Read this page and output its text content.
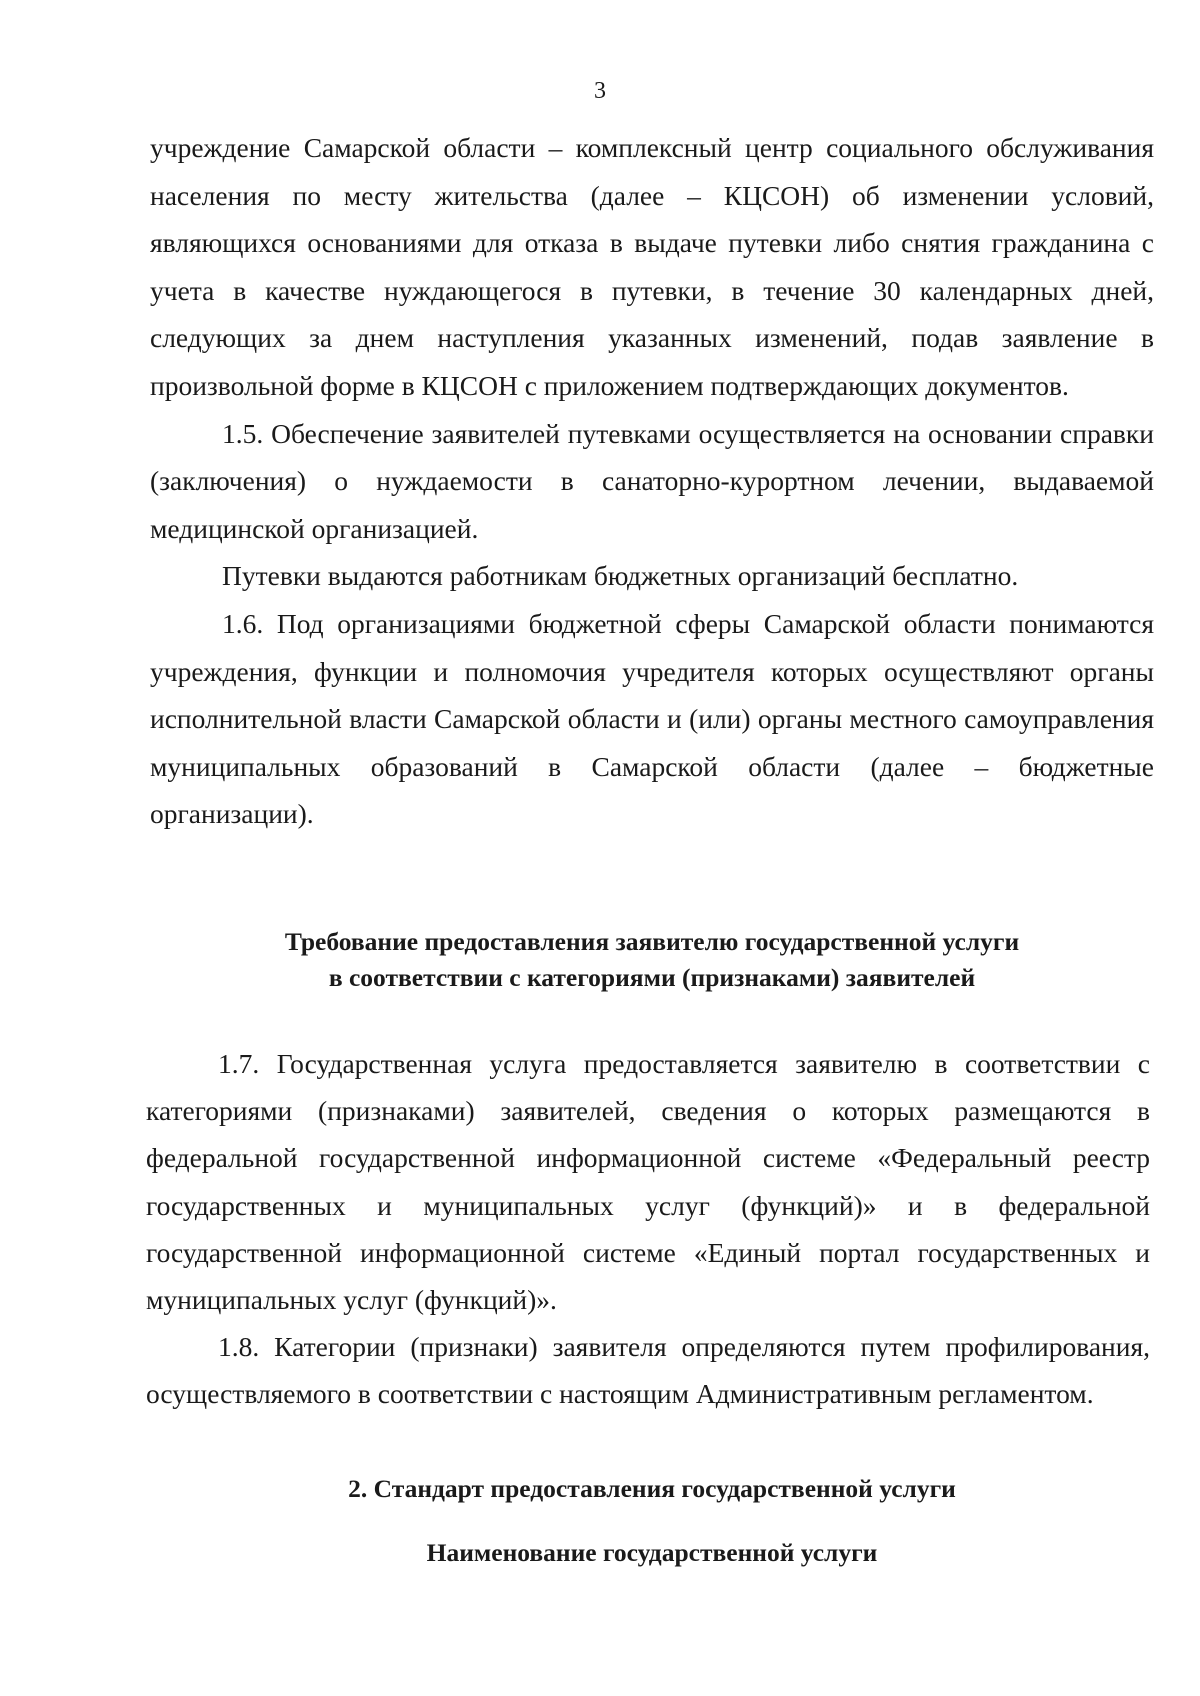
3

учреждение Самарской области – комплексный центр социального обслуживания населения по месту жительства (далее – КЦСОН) об изменении условий, являющихся основаниями для отказа в выдаче путевки либо снятия гражданина с учета в качестве нуждающегося в путевки, в течение 30 календарных дней, следующих за днем наступления указанных изменений, подав заявление в произвольной форме в КЦСОН с приложением подтверждающих документов.

1.5. Обеспечение заявителей путевками осуществляется на основании справки (заключения) о нуждаемости в санаторно-курортном лечении, выдаваемой медицинской организацией.

Путевки выдаются работникам бюджетных организаций бесплатно.

1.6. Под организациями бюджетной сферы Самарской области понимаются учреждения, функции и полномочия учредителя которых осуществляют органы исполнительной власти Самарской области и (или) органы местного самоуправления муниципальных образований в Самарской области (далее – бюджетные организации).

Требование предоставления заявителю государственной услуги
в соответствии с категориями (признаками) заявителей

1.7. Государственная услуга предоставляется заявителю в соответствии с категориями (признаками) заявителей, сведения о которых размещаются в федеральной государственной информационной системе «Федеральный реестр государственных и муниципальных услуг (функций)» и в федеральной государственной информационной системе «Единый портал государственных и муниципальных услуг (функций)».

1.8. Категории (признаки) заявителя определяются путем профилирования, осуществляемого в соответствии с настоящим Административным регламентом.

2. Стандарт предоставления государственной услуги
Наименование государственной услуги
